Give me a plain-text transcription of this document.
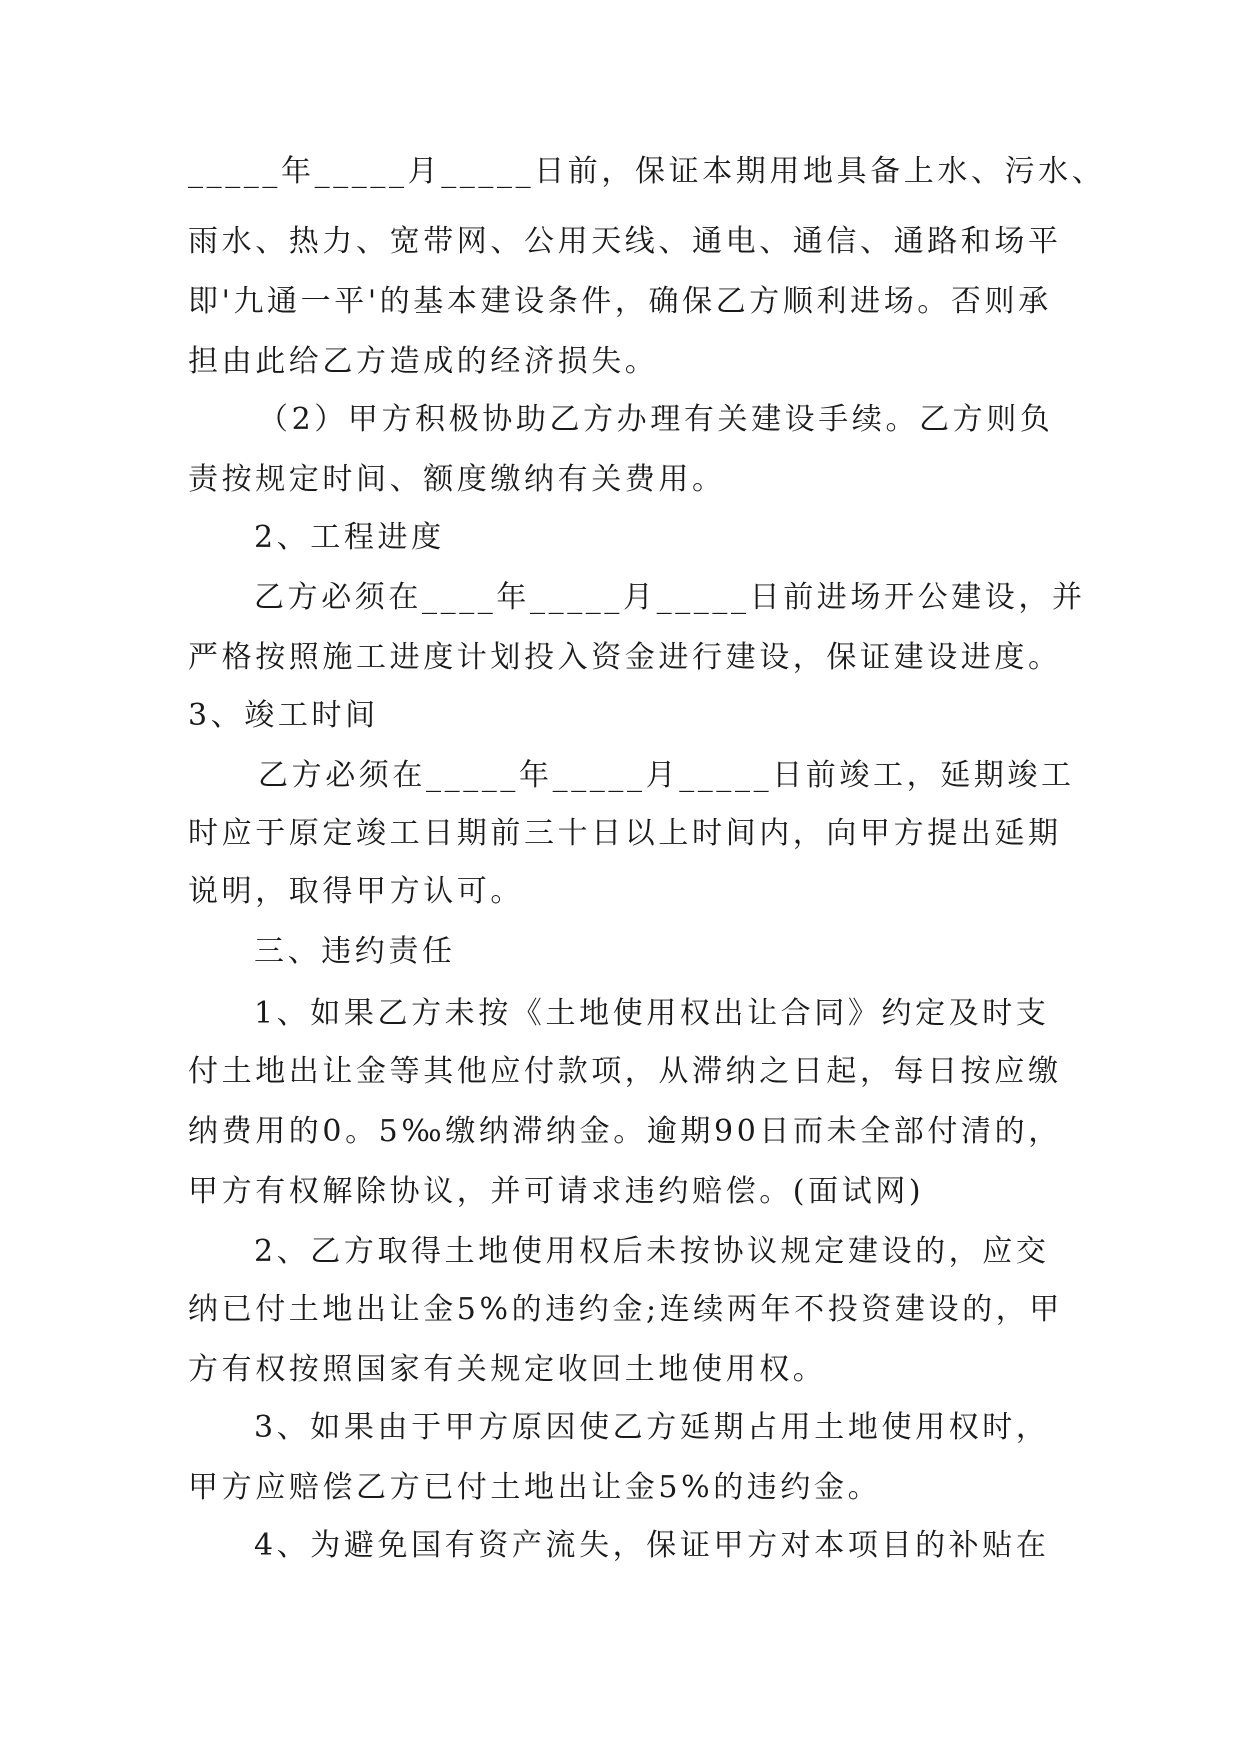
_____年_____月_____日前，保证本期用地具备上水、污水、
雨水、热力、宽带网、公用天线、通电、通信、通路和场平
即'九通一平'的基本建设条件，确保乙方顺利进场。否则承
担由此给乙方造成的经济损失。
（2）甲方积极协助乙方办理有关建设手续。乙方则负
责按规定时间、额度缴纳有关费用。
2、工程进度
乙方必须在____年_____月_____日前进场开公建设，并
严格按照施工进度计划投入资金进行建设，保证建设进度。
3、竣工时间
乙方必须在_____年_____月_____日前竣工，延期竣工
时应于原定竣工日期前三十日以上时间内，向甲方提出延期
说明，取得甲方认可。
三、违约责任
1、如果乙方未按《土地使用权出让合同》约定及时支
付土地出让金等其他应付款项，从滞纳之日起，每日按应缴
纳费用的0。5‰缴纳滞纳金。逾期90日而未全部付清的，
甲方有权解除协议，并可请求违约赔偿。(面试网)
2、乙方取得土地使用权后未按协议规定建设的，应交
纳已付土地出让金5%的违约金;连续两年不投资建设的，甲
方有权按照国家有关规定收回土地使用权。
3、如果由于甲方原因使乙方延期占用土地使用权时，
甲方应赔偿乙方已付土地出让金5%的违约金。
4、为避免国有资产流失，保证甲方对本项目的补贴在
